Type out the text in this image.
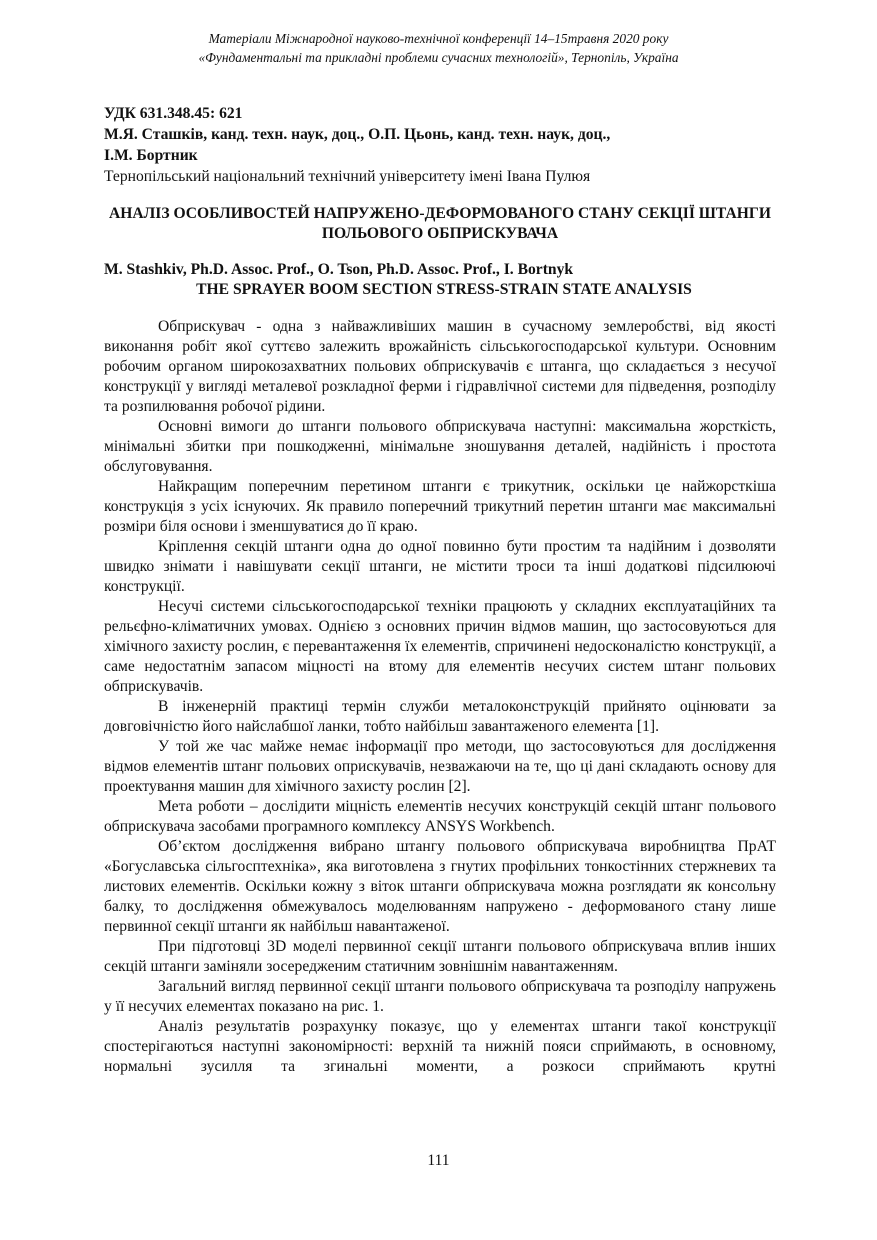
Матеріали Міжнародної науково-технічної конференції 14–15травня 2020 року
«Фундаментальні та прикладні проблеми сучасних технологій», Тернопіль, Україна
УДК 631.348.45: 621
М.Я. Сташків, канд. техн. наук, доц., О.П. Цьонь, канд. техн. наук, доц.,
І.М. Бортник
Тернопільський національний технічний університету імені Івана Пулюя
АНАЛІЗ ОСОБЛИВОСТЕЙ НАПРУЖЕНО-ДЕФОРМОВАНОГО СТАНУ СЕКЦІЇ ШТАНГИ ПОЛЬОВОГО ОБПРИСКУВАЧА
M. Stashkiv, Ph.D. Assoc. Prof., O. Tson, Ph.D. Assoc. Prof., I. Bortnyk
THE SPRAYER BOOM SECTION STRESS-STRAIN STATE ANALYSIS

Обприскувач - одна з найважливіших машин в сучасному землеробстві, від якості виконання робіт якої суттєво залежить врожайність сільськогосподарської культури. Основним робочим органом широкозахватних польових обприскувачів є штанга, що складається з несучої конструкції у вигляді металевої розкладної ферми і гідравлічної системи для підведення, розподілу та розпилювання робочої рідини.

Основні вимоги до штанги польового обприскувача наступні: максимальна жорсткість, мінімальні збитки при пошкодженні, мінімальне зношування деталей, надійність і простота обслуговування.

Найкращим поперечним перетином штанги є трикутник, оскільки це найжорсткіша конструкція з усіх існуючих. Як правило поперечний трикутний перетин штанги має максимальні розміри біля основи і зменшуватися до її краю.

Кріплення секцій штанги одна до одної повинно бути простим та надійним і дозволяти швидко знімати і навішувати секції штанги, не містити троси та інші додаткові підсилюючі конструкції.

Несучі системи сільськогосподарської техніки працюють у складних експлуатаційних та рельєфно-кліматичних умовах. Однією з основних причин відмов машин, що застосовуються для хімічного захисту рослин, є перевантаження їх елементів, спричинені недосконалістю конструкції, а саме недостатнім запасом міцності на втому для елементів несучих систем штанг польових обприскувачів.

В інженерній практиці термін служби металоконструкцій прийнято оцінювати за довговічністю його найслабшої ланки, тобто найбільш завантаженого елемента [1].

У той же час майже немає інформації про методи, що застосовуються для дослідження відмов елементів штанг польових оприскувачів, незважаючи на те, що ці дані складають основу для проектування машин для хімічного захисту рослин [2].

Мета роботи – дослідити міцність елементів несучих конструкцій секцій штанг польового обприскувача засобами програмного комплексу ANSYS Workbench.

Об’єктом дослідження вибрано штангу польового обприскувача виробництва ПрАТ «Богуславська сільгосптехніка», яка виготовлена з гнутих профільних тонкостінних стержневих та листових елементів. Оскільки кожну з віток штанги обприскувача можна розглядати як консольну балку, то дослідження обмежувалось моделюванням напружено - деформованого стану лише первинної секції штанги як найбільш навантаженої.

При підготовці 3D моделі первинної секції штанги польового обприскувача вплив інших секцій штанги заміняли зосередженим статичним зовнішнім навантаженням.

Загальний вигляд первинної секції штанги польового обприскувача та розподілу напружень у її несучих елементах показано на рис. 1.

Аналіз результатів розрахунку показує, що у елементах штанги такої конструкції спостерігаються наступні закономірності: верхній та нижній пояси сприймають, в основному, нормальні зусилля та згинальні моменти, а розкоси сприймають крутні

111
